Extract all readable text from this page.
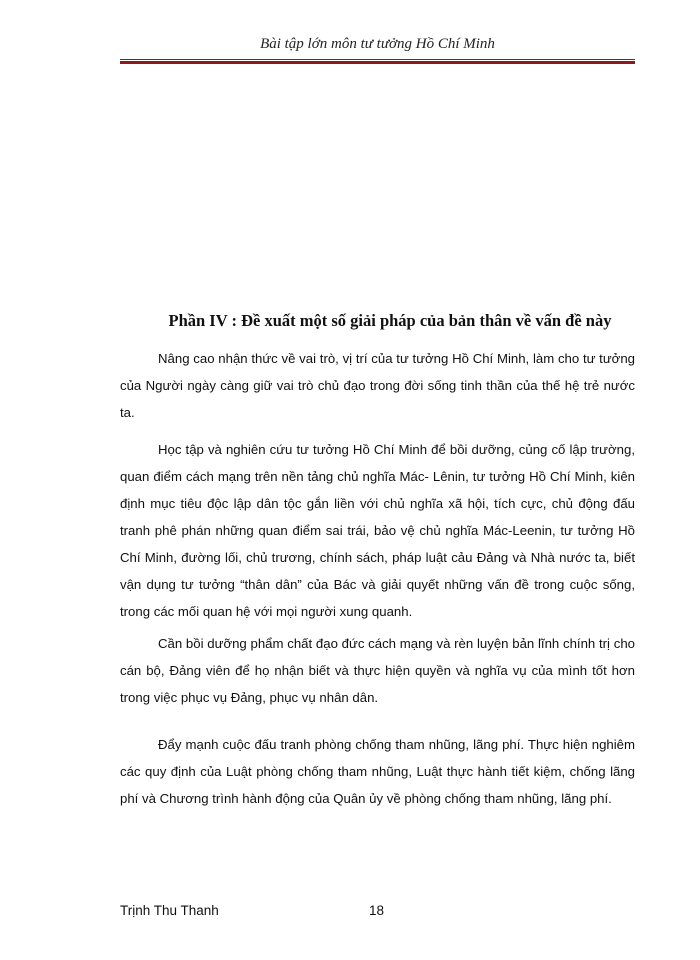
Bài tập lớn môn tư tưởng Hồ Chí Minh
Phần IV : Đề xuất một số giải pháp của bản thân về vấn đề này

Nâng cao nhận thức về vai trò, vị trí của tư tưởng Hồ Chí Minh, làm cho tư tưởng của Người ngày càng giữ vai trò chủ đạo trong đời sống tinh thần của thế hệ trẻ nước ta.

Học tập và nghiên cứu tư tưởng Hồ Chí Minh để bồi dưỡng, củng cố lập trường, quan điểm cách mạng trên nền tảng chủ nghĩa Mác- Lênin, tư tưởng Hồ Chí Minh, kiên định mục tiêu độc lập dân tộc gắn liền với chủ nghĩa xã hội, tích cực, chủ động đấu tranh phê phán những quan điểm sai trái, bảo vệ chủ nghĩa Mác-Leenin, tư tưởng Hồ Chí Minh, đường lối, chủ trương, chính sách, pháp luật cảu Đảng và Nhà nước ta, biết vận dụng tư tưởng “thân dân” của Bác và giải quyết những vấn đề trong cuộc sống, trong các mối quan hệ với mọi người xung quanh.

Cần bồi dưỡng phẩm chất đạo đức cách mạng và rèn luyện bản lĩnh chính trị cho cán bộ, Đảng viên để họ nhận biết và thực hiện quyền và nghĩa vụ của mình tốt hơn trong việc phục vụ Đảng, phục vụ nhân dân.

Đẩy mạnh cuộc đấu tranh phòng chống tham nhũng, lãng phí. Thực hiện nghiêm các quy định của Luật phòng chống tham nhũng, Luật thực hành tiết kiệm, chống lãng phí và Chương trình hành động của Quân ủy về phòng chống tham nhũng, lãng phí.

Trịnh Thu Thanh	18
